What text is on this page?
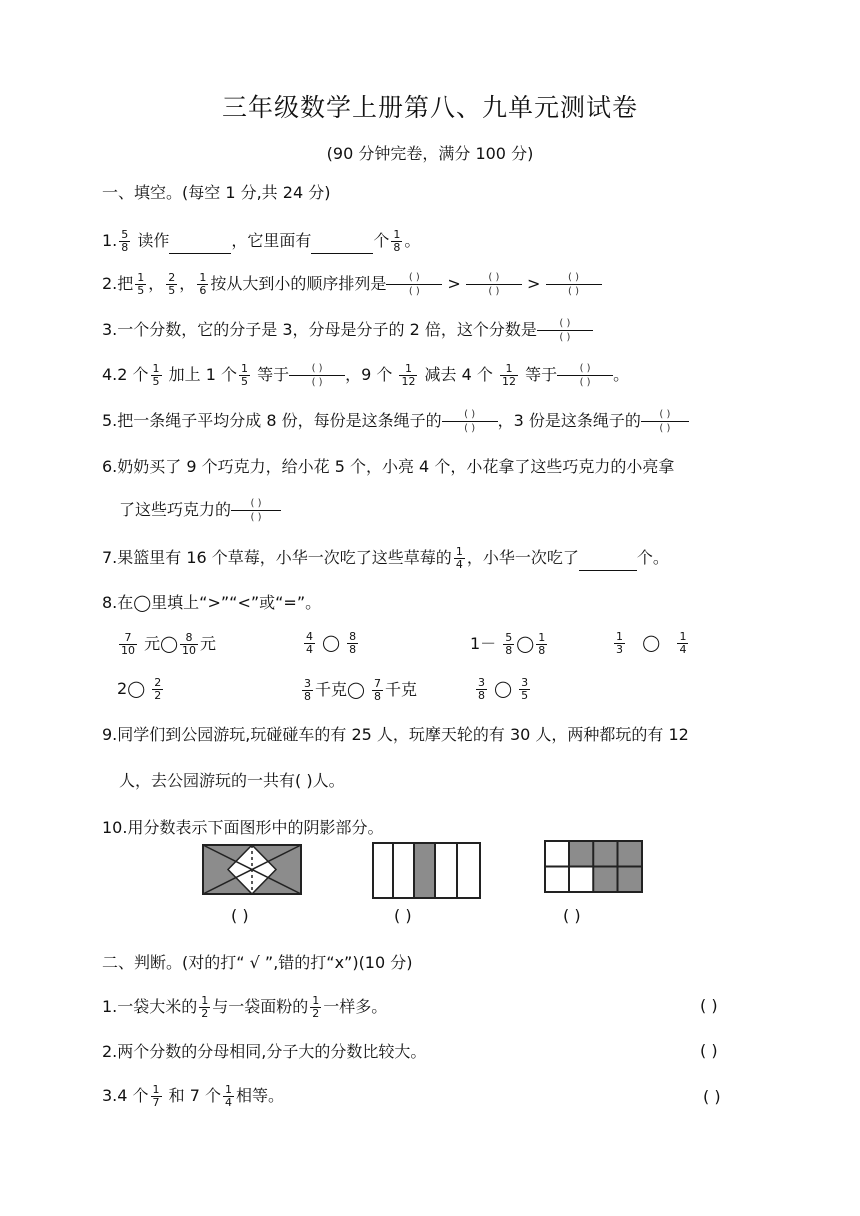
三年级数学上册第八、九单元测试卷
(90 分钟完卷，满分 100 分)
一、填空。(每空 1 分,共 24 分)
1. $\frac{5}{8}$ 读作	，它里面有	个 $\frac{1}{8}$ 。
2.把 $\frac{1}{5}$ ， $\frac{2}{5}$ ， $\frac{1}{6}$ 按从大到小的顺序排列是 $\frac{( )}{( )} > \frac{( )}{( )} > \frac{( )}{( )}$
3.一个分数，它的分子是 3，分母是分子的 2 倍，这个分数是 $\frac{( )}{( )}$
4.2 个 $\frac{1}{5}$ 加上 1 个 $\frac{1}{5}$ 等于 $\frac{( )}{( )}$ ，9 个 $\frac{1}{12}$ 减去 4 个 $\frac{1}{12}$ 等于 $\frac{( )}{( )}$ 。
5.把一条绳子平均分成 8 份，每份是这条绳子的 $\frac{( )}{( )}$ ，3 份是这条绳子的 $\frac{( )}{( )}$
6.奶奶买了 9 个巧克力，给小花 5 个，小亮 4 个，小花拿了这些巧克力的小亮拿
了这些巧克力的 $\frac{( )}{( )}$
7.果篮里有 16 个草莓，小华一次吃了这些草莓的 $\frac{1}{4}$ ，小华一次吃了	个。
8.在◯里填上“>”“<”或“=”。
$\frac{7}{10}$ 元◯ $\frac{8}{10}$ 元	$\frac{4}{4}$ ◯ $\frac{8}{8}$	$1- \frac{5}{8}$ ◯ $\frac{1}{8}$	$\frac{1}{3}$ ◯ $\frac{1}{4}$
2◯ $\frac{2}{2}$	$\frac{3}{8}$ 千克◯ $\frac{7}{8}$ 千克	$\frac{3}{8}$ ◯ $\frac{3}{5}$
9.同学们到公园游玩,玩碰碰车的有 25 人，玩摩天轮的有 30 人，两种都玩的有 12
人，去公园游玩的一共有( )人。
10.用分数表示下面图形中的阴影部分。
( )	( )	( )
二、判断。(对的打“ √ ”,错的打“x”)(10 分)
1.一袋大米的 $\frac{1}{2}$ 与一袋面粉的 $\frac{1}{2}$ 一样多。	( )
2.两个分数的分母相同,分子大的分数比较大。	( )
3.4 个 $\frac{1}{7}$ 和 7 个 $\frac{1}{4}$ 相等。	( )
